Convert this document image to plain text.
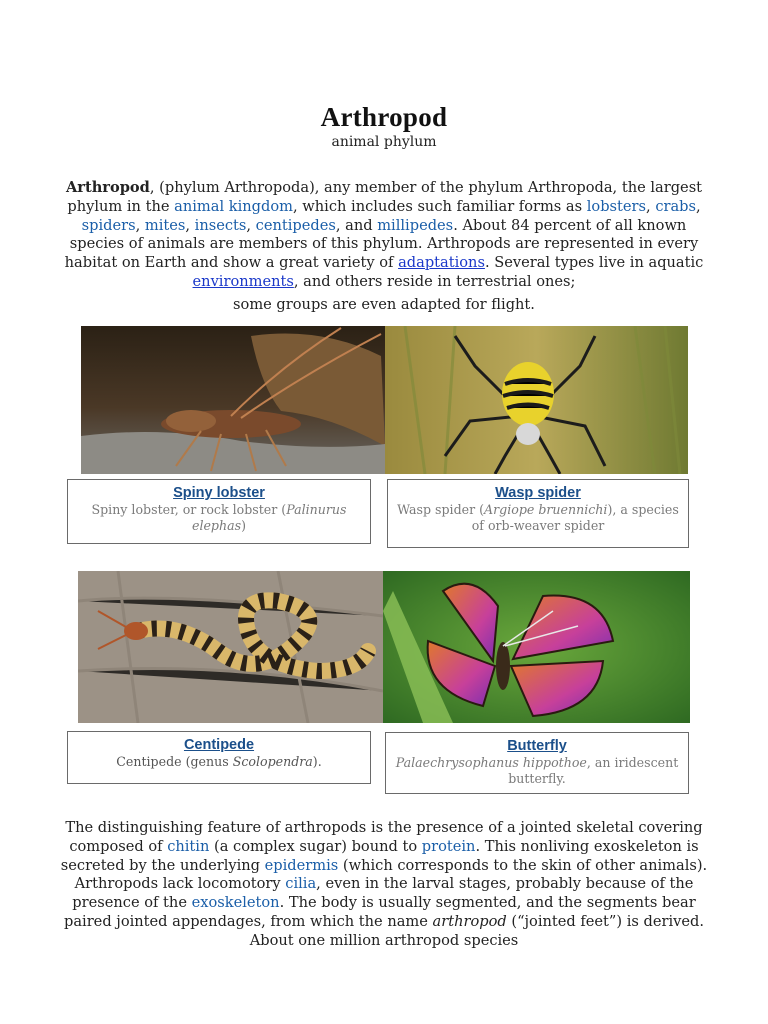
Arthropod
animal phylum
Arthropod, (phylum Arthropoda), any member of the phylum Arthropoda, the largest phylum in the animal kingdom, which includes such familiar forms as lobsters, crabs, spiders, mites, insects, centipedes, and millipedes. About 84 percent of all known species of animals are members of this phylum. Arthropods are represented in every habitat on Earth and show a great variety of adaptations. Several types live in aquatic environments, and others reside in terrestrial ones;
some groups are even adapted for flight.
Spiny lobster
Spiny lobster, or rock lobster (Palinurus elephas)
Wasp spider
Wasp spider (Argiope bruennichi), a species of orb-weaver spider
Centipede
Centipede (genus Scolopendra).
Butterfly
Palaechrysophanus hippothoe, an iridescent butterfly.
The distinguishing feature of arthropods is the presence of a jointed skeletal covering composed of chitin (a complex sugar) bound to protein. This nonliving exoskeleton is secreted by the underlying epidermis (which corresponds to the skin of other animals). Arthropods lack locomotory cilia, even in the larval stages, probably because of the presence of the exoskeleton. The body is usually segmented, and the segments bear paired jointed appendages, from which the name arthropod (“jointed feet”) is derived. About one million arthropod species
